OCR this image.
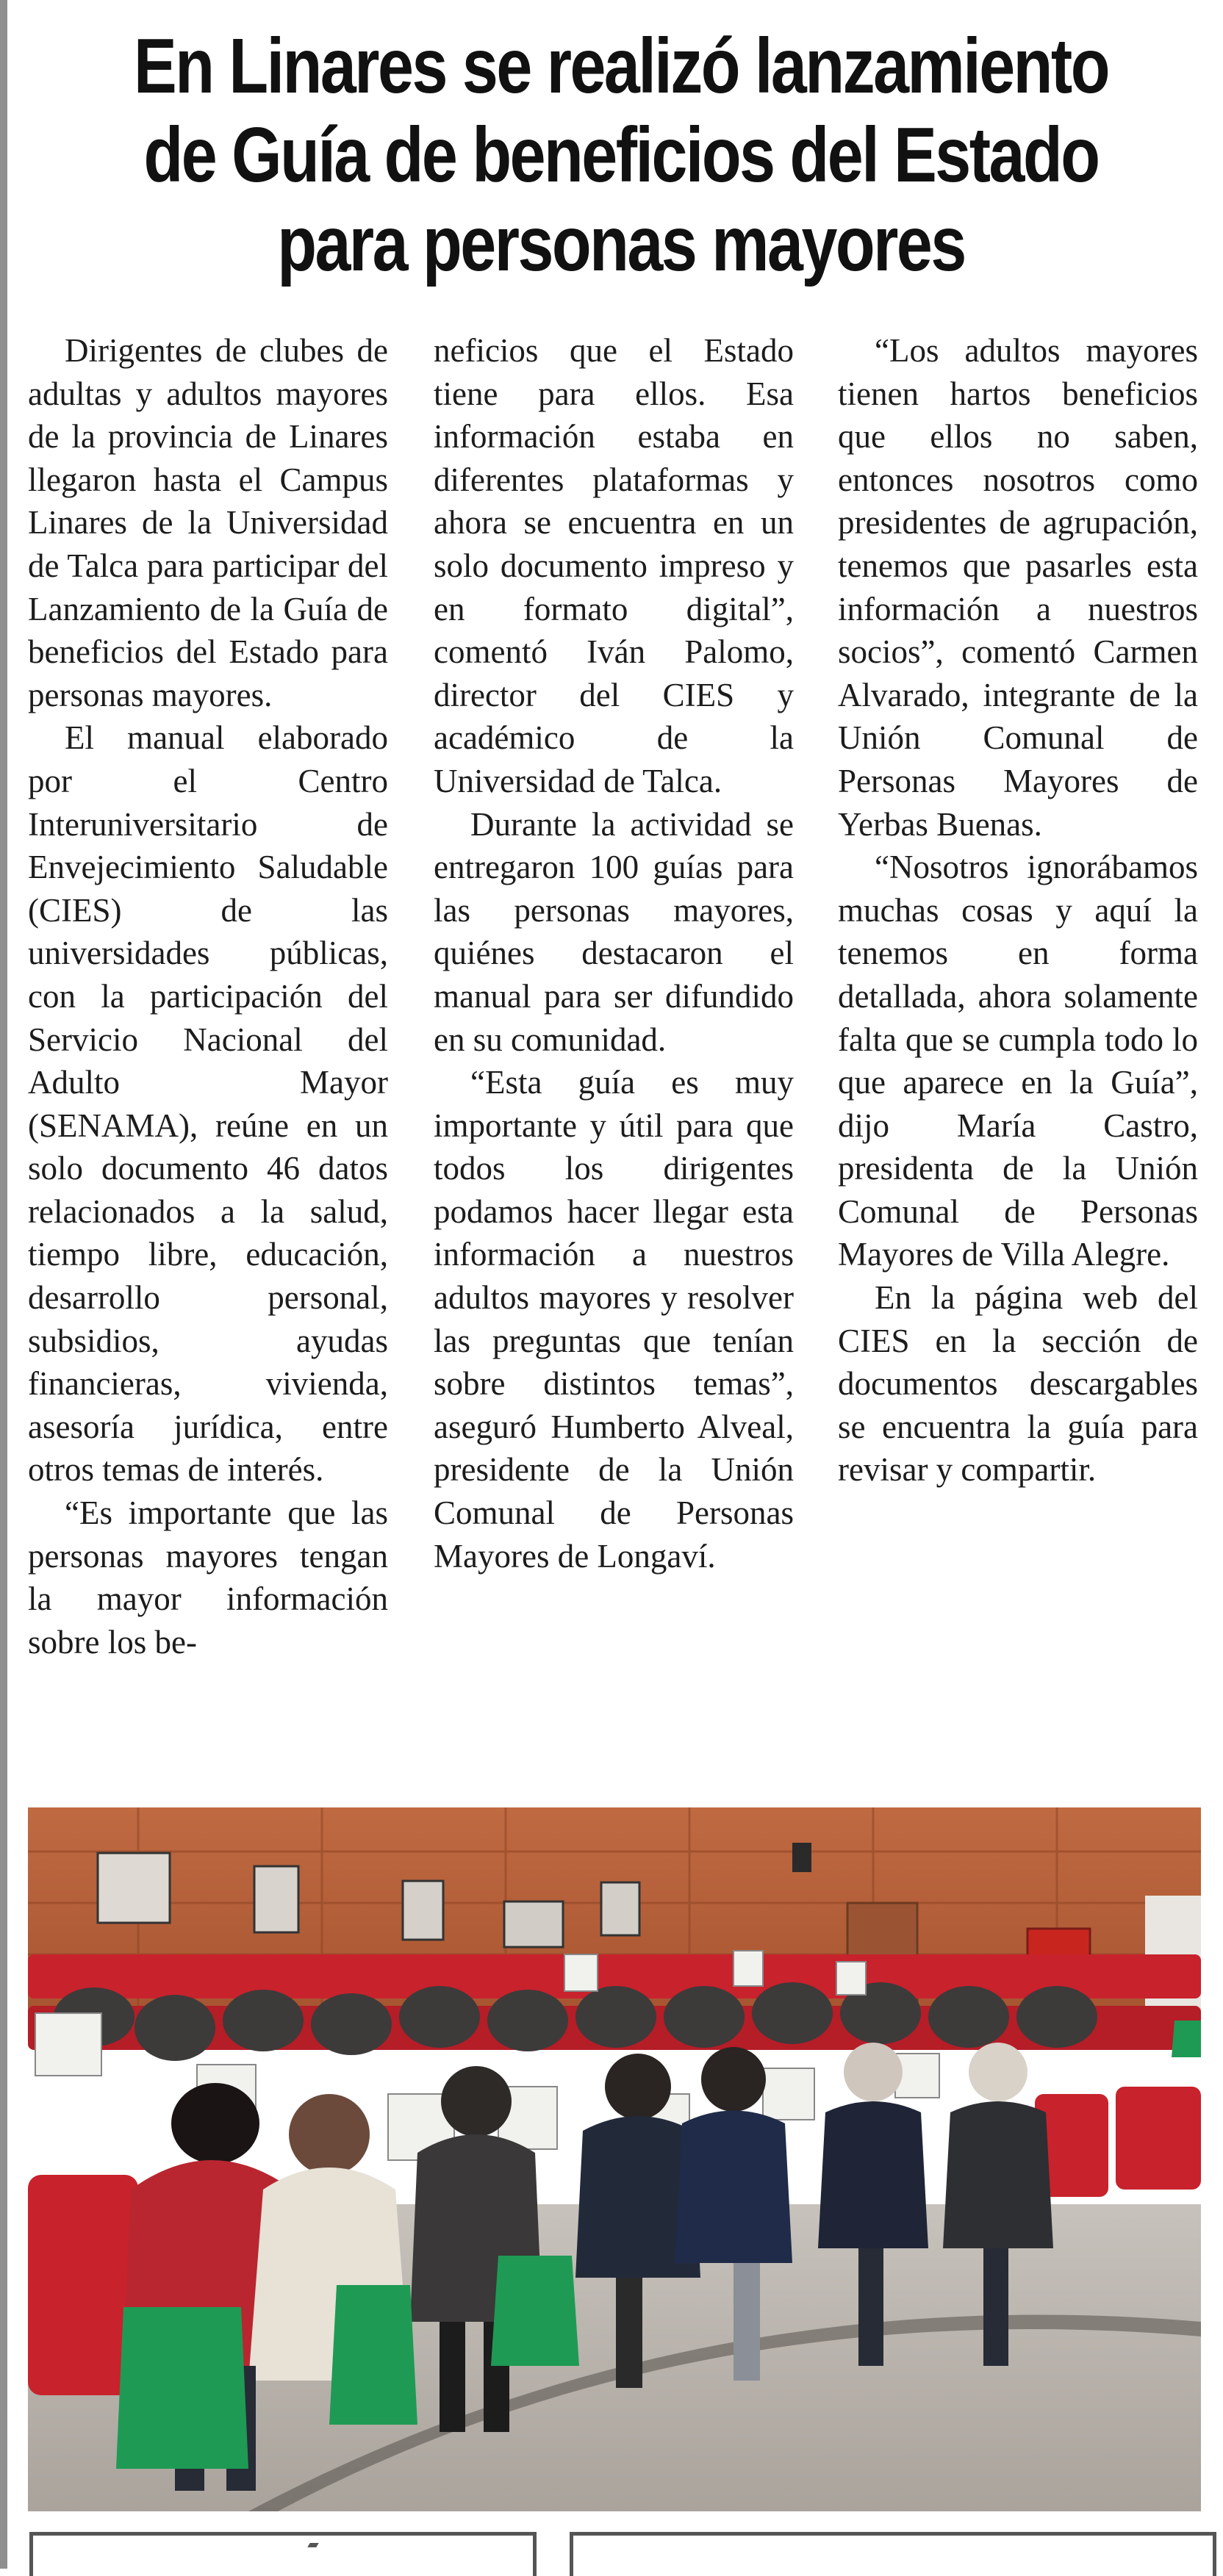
En Linares se realizó lanzamiento
de Guía de beneficios del Estado
para personas mayores

Dirigentes de clubes de adultas y adultos mayores de la provincia de Linares llegaron hasta el Campus Linares de la Universidad de Talca para participar del Lanzamiento de la Guía de beneficios del Estado para personas mayores.

El manual elaborado por el Centro Interuniversitario de Envejecimiento Saludable (CIES) de las universidades públicas, con la participación del Servicio Nacional del Adulto Mayor (SENAMA), reúne en un solo documento 46 datos relacionados a la salud, tiempo libre, educación, desarrollo personal, subsidios, ayudas financieras, vivienda, asesoría jurídica, entre otros temas de interés.

“Es importante que las personas mayores tengan la mayor información sobre los be-

neficios que el Estado tiene para ellos. Esa información estaba en diferentes plataformas y ahora se encuentra en un solo documento impreso y en formato digital”, comentó Iván Palomo, director del CIES y académico de la Universidad de Talca.

Durante la actividad se entregaron 100 guías para las personas mayores, quiénes destacaron el manual para ser difundido en su comunidad.

“Esta guía es muy importante y útil para que todos los dirigentes podamos hacer llegar esta información a nuestros adultos mayores y resolver las preguntas que tenían sobre distintos temas”, aseguró Humberto Alveal, presidente de la Unión Comunal de Personas Mayores de Longaví.

“Los adultos mayores tienen hartos beneficios que ellos no saben, entonces nosotros como presidentes de agrupación, tenemos que pasarles esta información a nuestros socios”, comentó Carmen Alvarado, integrante de la Unión Comunal de Personas Mayores de Yerbas Buenas.

“Nosotros ignorábamos muchas cosas y aquí la tenemos en forma detallada, ahora solamente falta que se cumpla todo lo que aparece en la Guía”, dijo María Castro, presidenta de la Unión Comunal de Personas Mayores de Villa Alegre.

En la página web del CIES en la sección de documentos descargables se encuentra la guía para revisar y compartir.
